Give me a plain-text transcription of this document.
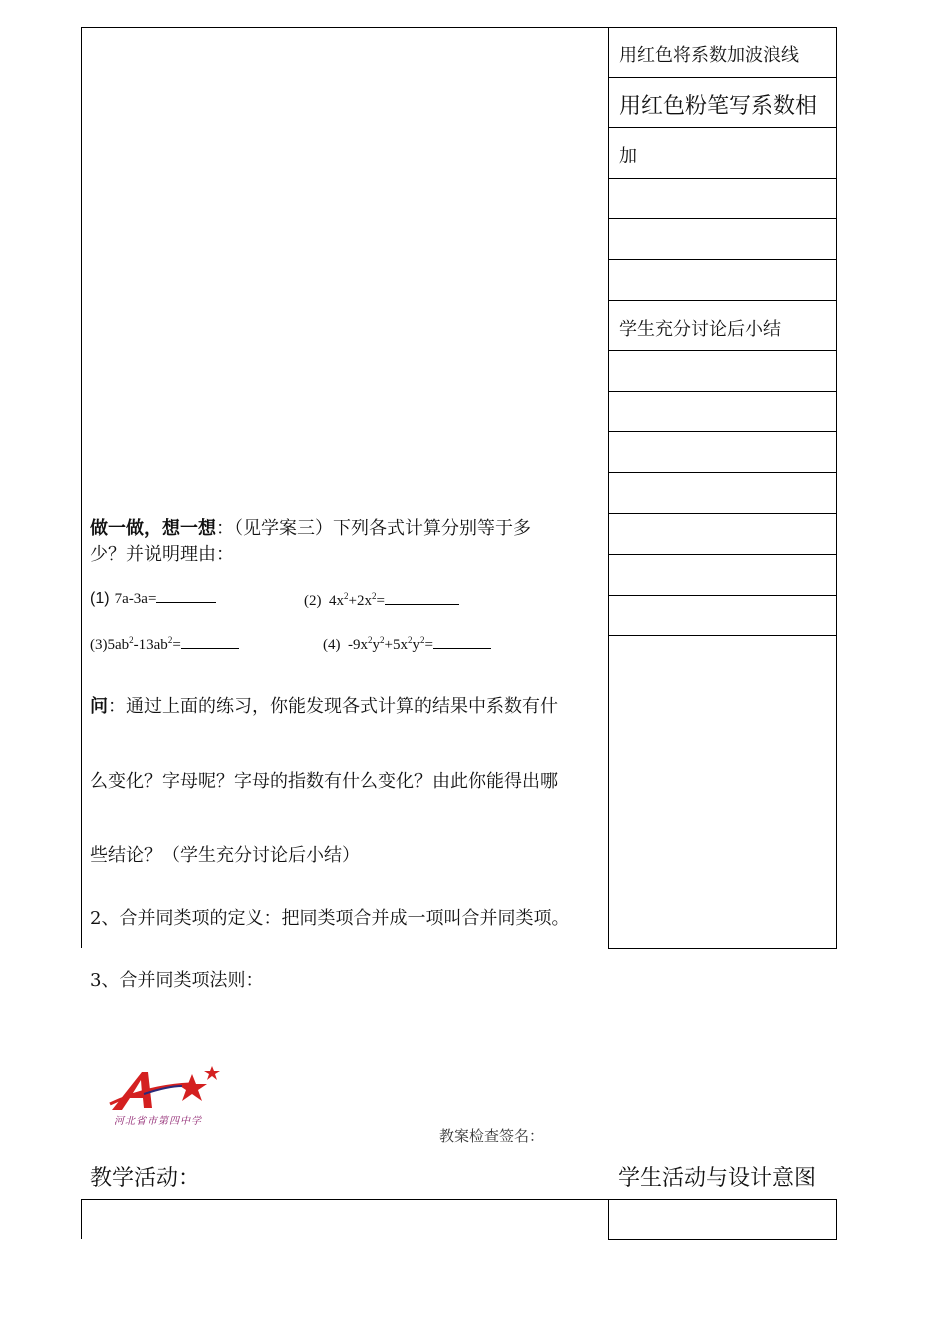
用红色将系数加波浪线
用红色粉笔写系数相
加
学生充分讨论后小结
做一做，想一想：（见学案三）下列各式计算分别等于多
少？并说明理由：
(1) 7a-3a=	(2) $4x^2+2x^2=$
$(3)5ab^2-13ab^2=$	(4) $-9x^2y^2+5x^2y^2=$
问：通过上面的练习，你能发现各式计算的结果中系数有什
么变化？字母呢？字母的指数有什么变化？由此你能得出哪
些结论？（学生充分讨论后小结）
2、合并同类项的定义：把同类项合并成一项叫合并同类项。
3、合并同类项法则：
河北省市第四中学
教案检查签名：
教学活动：	学生活动与设计意图
